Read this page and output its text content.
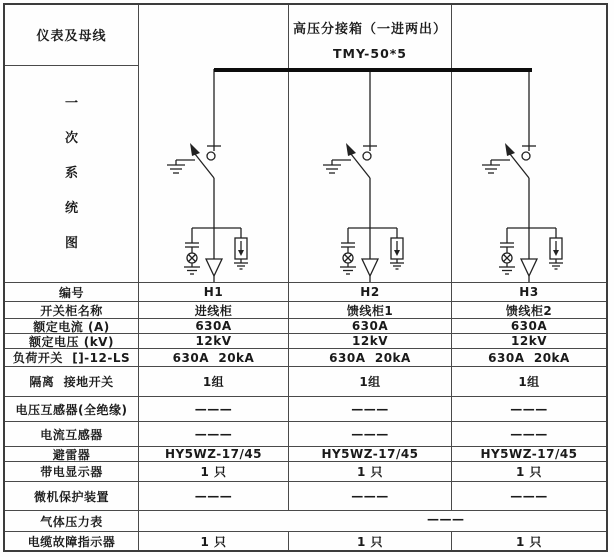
仪表及母线	高压分接箱（一进两出）
TMY-50*5
一
次
系
统
图
编号	H1	H2	H3
开关柜名称	进线柜	馈线柜1	馈线柜2
额定电流 (A)	630A	630A	630A
额定电压 (kV)	12kV	12kV	12kV
负荷开关  []-12-LS	630A  20kA	630A  20kA	630A  20kA
隔离  接地开关	1组	1组	1组
电压互感器(全绝缘)	———	———	———
电流互感器	———	———	———
避雷器	HY5WZ-17/45	HY5WZ-17/45	HY5WZ-17/45
带电显示器	1 只	1 只	1 只
微机保护装置	———	———	———
气体压力表	———
电缆故障指示器	1 只	1 只	1 只
